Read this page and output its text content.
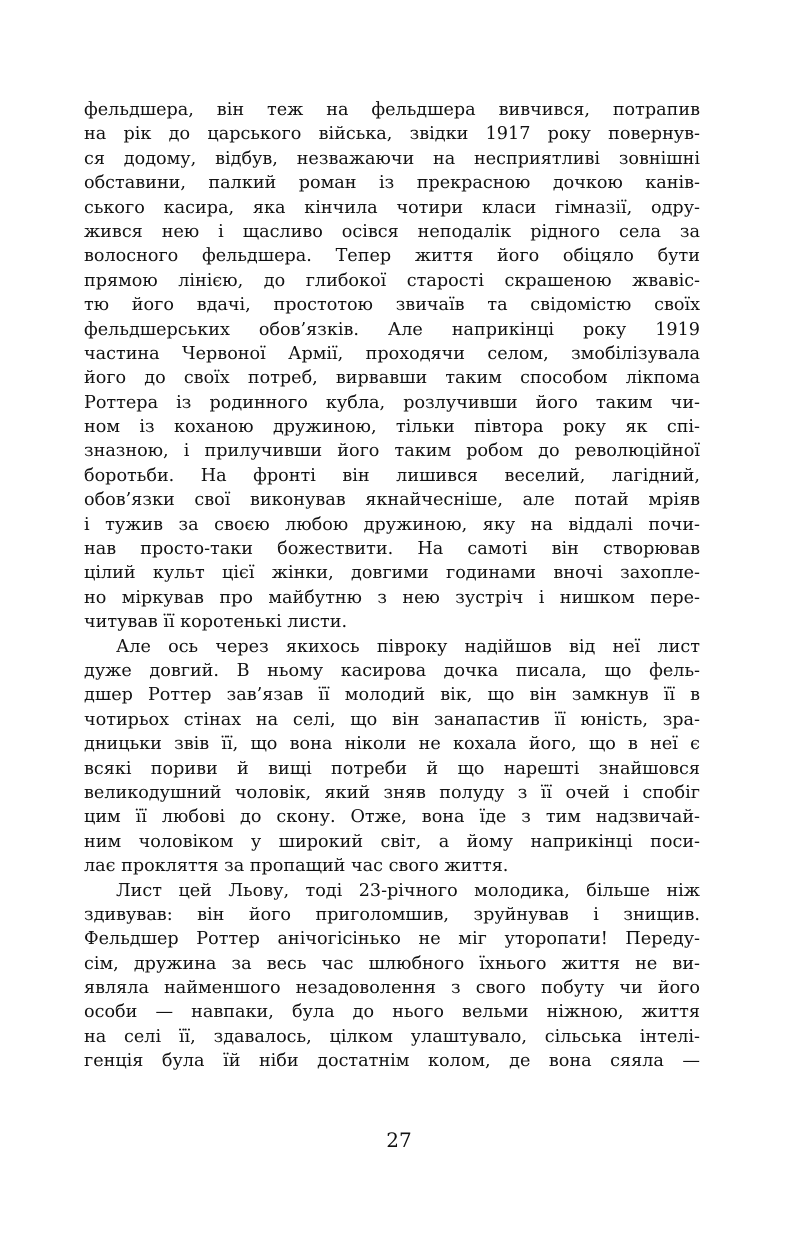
фельдшера, він теж на фельдшера вивчився, потрапив
на рік до царського війська, звідки 1917 року повернув-
ся додому, відбув, незважаючи на несприятливі зовнішні
обставини, палкий роман із прекрасною дочкою канів-
ського касира, яка кінчила чотири класи гімназії, одру-
жився нею і щасливо осівся неподалік рідного села за
волосного фельдшера. Тепер життя його обіцяло бути
прямою лінією, до глибокої старості скрашеною жвавіс-
тю його вдачі, простотою звичаїв та свідомістю своїх
фельдшерських обов’язків. Але наприкінці року 1919
частина Червоної Армії, проходячи селом, змобілізувала
його до своїх потреб, вирвавши таким способом лікпома
Роттера із родинного кубла, розлучивши його таким чи-
ном із коханою дружиною, тільки півтора року як спі-
зназною, і прилучивши його таким робом до революційної
боротьби. На фронті він лишився веселий, лагідний,
обов’язки свої виконував якнайчесніше, але потай мріяв
і тужив за своєю любою дружиною, яку на віддалі почи-
нав просто-таки божествити. На самоті він створював
цілий культ цієї жінки, довгими годинами вночі захопле-
но міркував про майбутню з нею зустріч і нишком пере-
читував її коротенькі листи.
Але ось через якихось півроку надійшов від неї лист
дуже довгий. В ньому касирова дочка писала, що фель-
дшер Роттер зав’язав її молодий вік, що він замкнув її в
чотирьох стінах на селі, що він занапастив її юність, зра-
дницьки звів її, що вона ніколи не кохала його, що в неї є
всякі пориви й вищі потреби й що нарешті знайшовся
великодушний чоловік, який зняв полуду з її очей і спобіг
цим її любові до скону. Отже, вона їде з тим надзвичай-
ним чоловіком у широкий світ, а йому наприкінці поси-
лає прокляття за пропащий час свого життя.
Лист цей Льову, тоді 23-річного молодика, більше ніж
здивував: він його приголомшив, зруйнував і знищив.
Фельдшер Роттер анічогісінько не міг уторопати! Переду-
сім, дружина за весь час шлюбного їхнього життя не ви-
являла найменшого незадоволення з свого побуту чи його
особи — навпаки, була до нього вельми ніжною, життя
на селі її, здавалось, цілком улаштувало, сільська інтелі-
генція була їй ніби достатнім колом, де вона сяяла —
27
